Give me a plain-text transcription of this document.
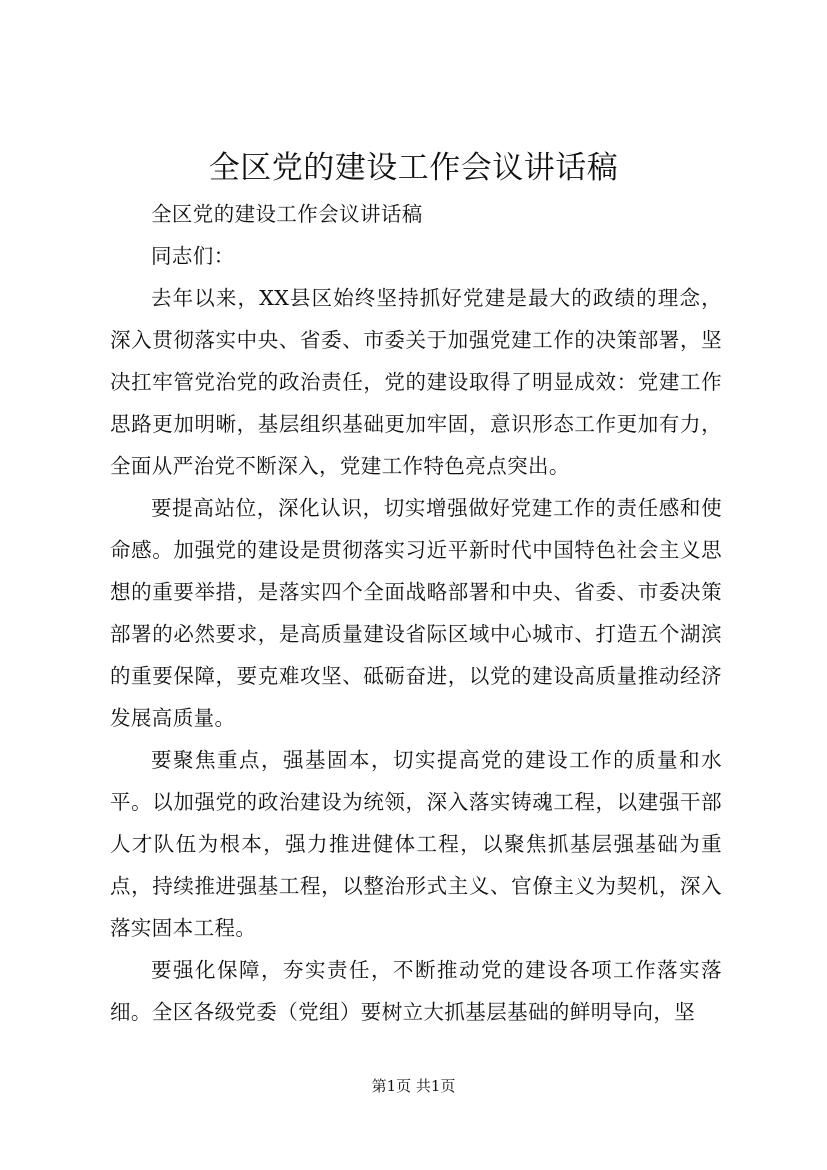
全区党的建设工作会议讲话稿

全区党的建设工作会议讲话稿

同志们：

去年以来，XX县区始终坚持抓好党建是最大的政绩的理念，深入贯彻落实中央、省委、市委关于加强党建工作的决策部署，坚决扛牢管党治党的政治责任，党的建设取得了明显成效：党建工作思路更加明晰，基层组织基础更加牢固，意识形态工作更加有力，全面从严治党不断深入，党建工作特色亮点突出。

要提高站位，深化认识，切实增强做好党建工作的责任感和使命感。加强党的建设是贯彻落实习近平新时代中国特色社会主义思想的重要举措，是落实四个全面战略部署和中央、省委、市委决策部署的必然要求，是高质量建设省际区域中心城市、打造五个湖滨的重要保障，要克难攻坚、砥砺奋进，以党的建设高质量推动经济发展高质量。

要聚焦重点，强基固本，切实提高党的建设工作的质量和水平。以加强党的政治建设为统领，深入落实铸魂工程，以建强干部人才队伍为根本，强力推进健体工程，以聚焦抓基层强基础为重点，持续推进强基工程，以整治形式主义、官僚主义为契机，深入落实固本工程。

要强化保障，夯实责任，不断推动党的建设各项工作落实落细。全区各级党委（党组）要树立大抓基层基础的鲜明导向，坚

第1页 共1页
